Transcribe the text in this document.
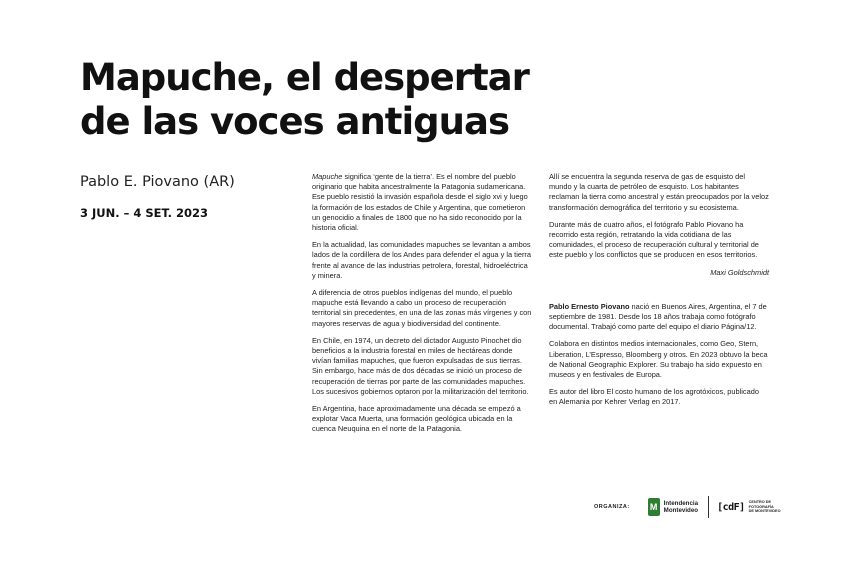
Mapuche, el despertar
de las voces antiguas
Pablo E. Piovano (AR)
3 JUN. – 4 SET. 2023

Mapuche significa ‘gente de la tierra’. Es el nombre del pueblo originario que habita ancestralmente la Patagonia sudamericana. Ese pueblo resistió la invasión española desde el siglo xvi y luego la formación de los estados de Chile y Argentina, que cometieron un genocidio a finales de 1800 que no ha sido reconocido por la historia oficial.

En la actualidad, las comunidades mapuches se levantan a ambos lados de la cordillera de los Andes para defender el agua y la tierra frente al avance de las industrias petrolera, forestal, hidroeléctrica y minera.

A diferencia de otros pueblos indígenas del mundo, el pueblo mapuche está llevando a cabo un proceso de recuperación territorial sin precedentes, en una de las zonas más vírgenes y con mayores reservas de agua y biodiversidad del continente.

En Chile, en 1974, un decreto del dictador Augusto Pinochet dio beneficios a la industria forestal en miles de hectáreas donde vivían familias mapuches, que fueron expulsadas de sus tierras. Sin embargo, hace más de dos décadas se inició un proceso de recuperación de tierras por parte de las comunidades mapuches. Los sucesivos gobiernos optaron por la militarización del territorio.

En Argentina, hace aproximadamente una década se empezó a explotar Vaca Muerta, una formación geológica ubicada en la cuenca Neuquina en el norte de la Patagonia.

Allí se encuentra la segunda reserva de gas de esquisto del mundo y la cuarta de petróleo de esquisto. Los habitantes reclaman la tierra como ancestral y están preocupados por la veloz transformación demográfica del territorio y su ecosistema.

Durante más de cuatro años, el fotógrafo Pablo Piovano ha recorrido esta región, retratando la vida cotidiana de las comunidades, el proceso de recuperación cultural y territorial de este pueblo y los conflictos que se producen en esos territorios.

Maxi Goldschmidt

Pablo Ernesto Piovano nació en Buenos Aires, Argentina, el 7 de septiembre de 1981. Desde los 18 años trabaja como fotógrafo documental. Trabajó como parte del equipo el diario Página/12.

Colabora en distintos medios internacionales, como Geo, Stern, Liberation, L’Espresso, Bloomberg y otros. En 2023 obtuvo la beca de National Geographic Explorer. Su trabajo ha sido expuesto en museos y en festivales de Europa.

Es autor del libro El costo humano de los agrotóxicos, publicado en Alemania por Kehrer Verlag en 2017.

ORGANIZA: M	Intendencia
Montevideo [cdF] CENTRO DE
FOTOGRAFÍA
DE MONTEVIDEO
